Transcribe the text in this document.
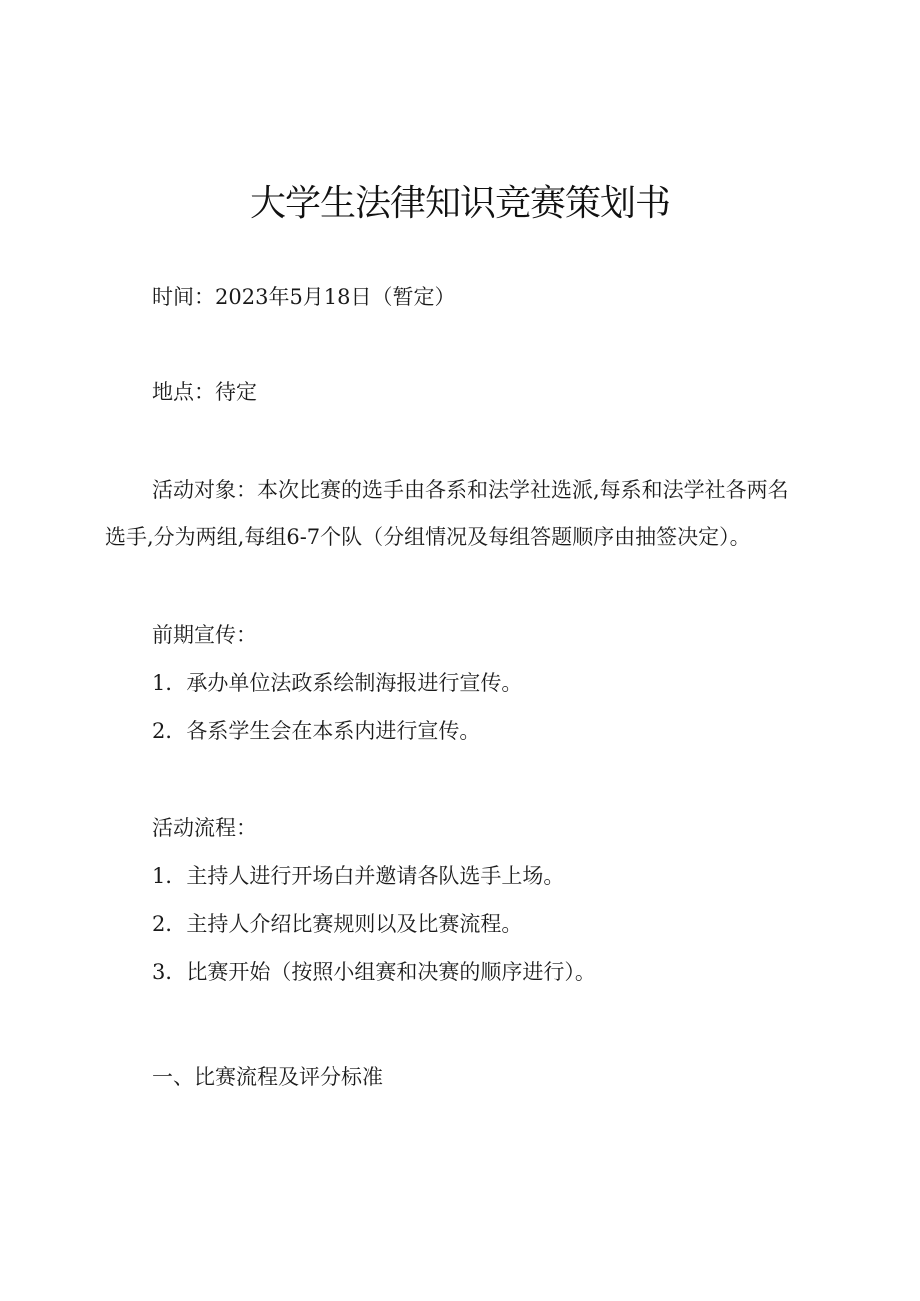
大学生法律知识竞赛策划书

时间：2023年5月18日（暂定）

地点：待定

活动对象：本次比赛的选手由各系和法学社选派,每系和法学社各两名

选手,分为两组,每组6-7个队（分组情况及每组答题顺序由抽签决定）。

前期宣传：

1．承办单位法政系绘制海报进行宣传。

2．各系学生会在本系内进行宣传。

活动流程：

1．主持人进行开场白并邀请各队选手上场。

2．主持人介绍比赛规则以及比赛流程。

3．比赛开始（按照小组赛和决赛的顺序进行）。

一、比赛流程及评分标准
